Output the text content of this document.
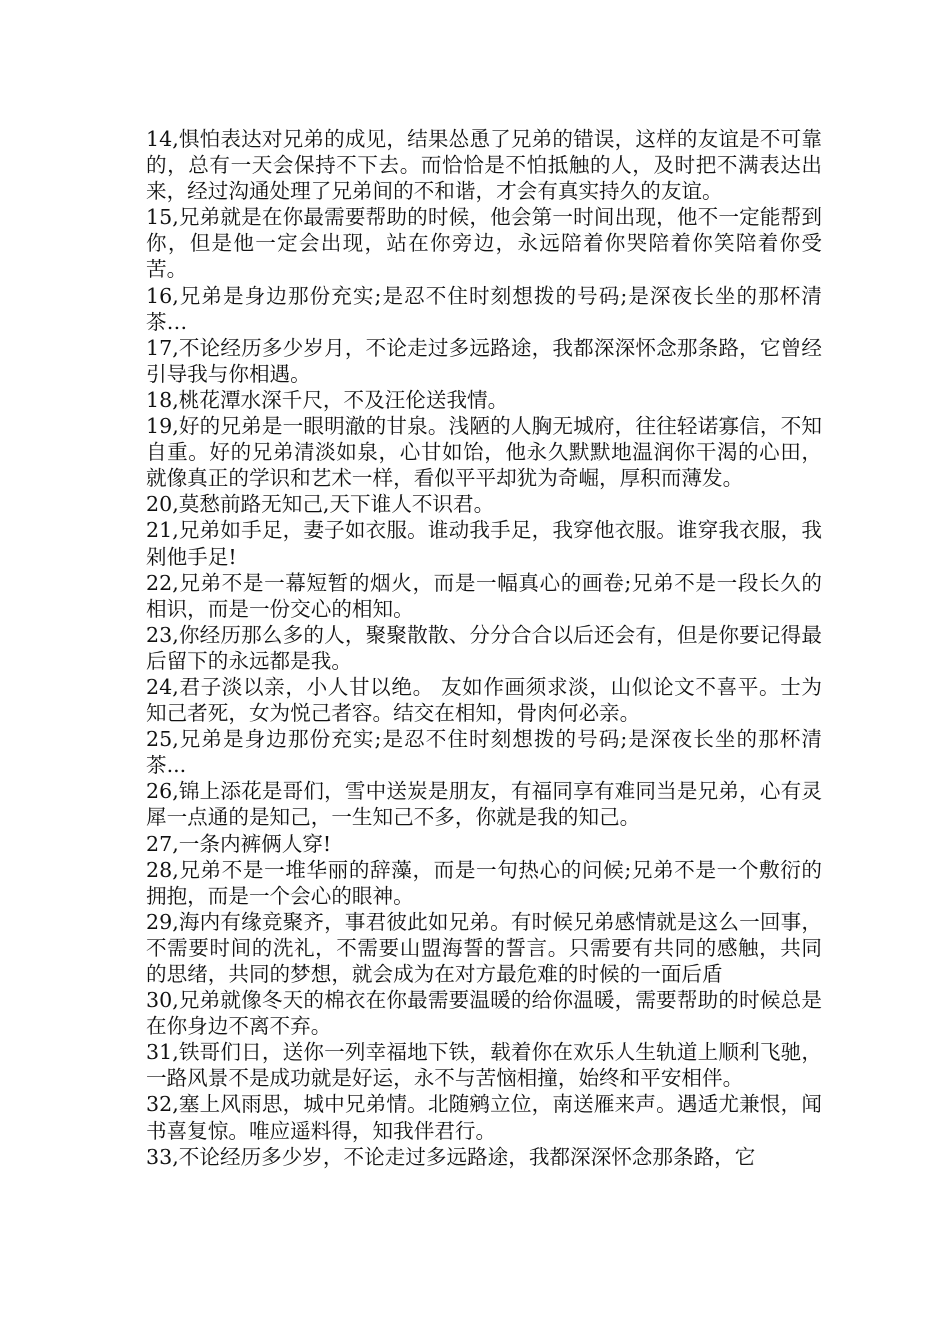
14,惧怕表达对兄弟的成见，结果怂恿了兄弟的错误，这样的友谊是不可靠的，总有一天会保持不下去。而恰恰是不怕抵触的人，及时把不满表达出来，经过沟通处理了兄弟间的不和谐，才会有真实持久的友谊。

15,兄弟就是在你最需要帮助的时候，他会第一时间出现，他不一定能帮到你，但是他一定会出现，站在你旁边，永远陪着你哭陪着你笑陪着你受苦。

16,兄弟是身边那份充实;是忍不住时刻想拨的号码;是深夜长坐的那杯清茶…

17,不论经历多少岁月，不论走过多远路途，我都深深怀念那条路，它曾经引导我与你相遇。

18,桃花潭水深千尺，不及汪伦送我情。

19,好的兄弟是一眼明澈的甘泉。浅陋的人胸无城府，往往轻诺寡信，不知自重。好的兄弟清淡如泉，心甘如饴，他永久默默地温润你干渴的心田，就像真正的学识和艺术一样，看似平平却犹为奇崛，厚积而薄发。

20,莫愁前路无知己,天下谁人不识君。

21,兄弟如手足，妻子如衣服。谁动我手足，我穿他衣服。谁穿我衣服，我剁他手足!

22,兄弟不是一幕短暂的烟火，而是一幅真心的画卷;兄弟不是一段长久的相识，而是一份交心的相知。

23,你经历那么多的人，聚聚散散、分分合合以后还会有，但是你要记得最后留下的永远都是我。

24,君子淡以亲，小人甘以绝。 友如作画须求淡，山似论文不喜平。士为知己者死，女为悦己者容。结交在相知，骨肉何必亲。

25,兄弟是身边那份充实;是忍不住时刻想拨的号码;是深夜长坐的那杯清茶...

26,锦上添花是哥们，雪中送炭是朋友，有福同享有难同当是兄弟，心有灵犀一点通的是知己，一生知己不多，你就是我的知己。

27,一条内裤俩人穿!

28,兄弟不是一堆华丽的辞藻，而是一句热心的问候;兄弟不是一个敷衍的拥抱，而是一个会心的眼神。

29,海内有缘竞聚齐，事君彼此如兄弟。有时候兄弟感情就是这么一回事，不需要时间的洗礼，不需要山盟海誓的誓言。只需要有共同的感触，共同的思绪，共同的梦想，就会成为在对方最危难的时候的一面后盾

30,兄弟就像冬天的棉衣在你最需要温暖的给你温暖，需要帮助的时候总是在你身边不离不弃。

31,铁哥们日，送你一列幸福地下铁，载着你在欢乐人生轨道上顺利飞驰，一路风景不是成功就是好运，永不与苦恼相撞，始终和平安相伴。

32,塞上风雨思，城中兄弟情。北随鹓立位，南送雁来声。遇适尤兼恨，闻书喜复惊。唯应遥料得，知我伴君行。

33,不论经历多少岁，不论走过多远路途，我都深深怀念那条路，它
